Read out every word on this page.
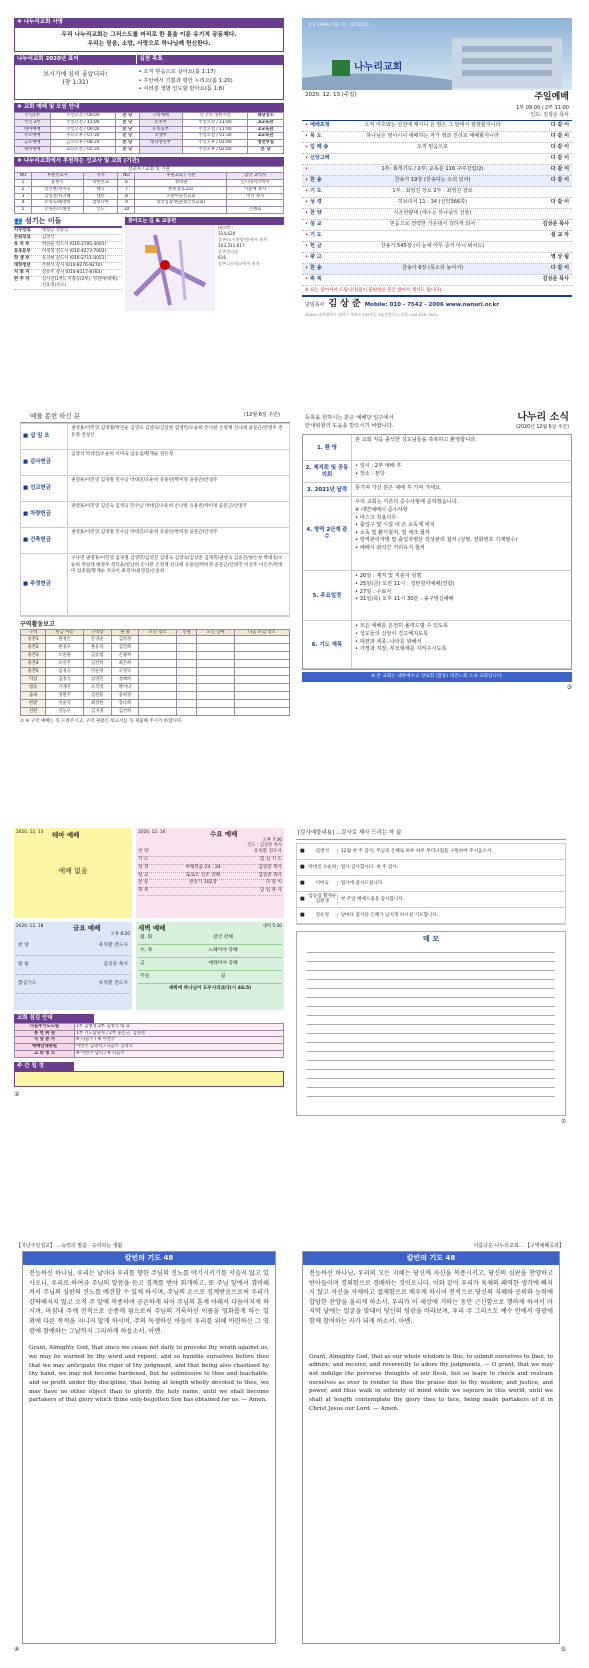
❖ 나누리교회 사명
우리 나누리교회는 그리스도를 머리로 한 몸을 이룬 유기적 공동체다.
우리는 믿음, 소망, 사랑으로 하나님께 헌신한다.
나누리교회 2020년 표어	실천 목표
보시기에 심히 좋았더라!
(창 1:31)
• 오직 믿음으로 살아요(롬 1:17)
• 주안에서 기쁨과 평안 누려요(롬 1:20)
• 여러분 생명 인도할 받아요(롬 1:8)
❖ 교회 예배 및 모임 안내
주일1부	주일오전 / 09:00	본 당	구역예배	각 구역 정한시간	해당장소
주일 2부	주일오전 / 11:00	본 당	유치부	주일오전 / 11:00	3교육관
대아예배	주일오전 / 09:00	본 당	유초등부	주일오전 / 11:00	2교육관
수요예배	수요오후 / 07:30	본 당	학생부	주일오전 / 01:30	2교육관
금요예배	금요오후 / 08:20	본 당	대학청년부	주일오후 / 01:00	청년부실
새벽예배	화요오전 / 05:30	본 당		주일오후 / 02:00	본 당
❖ 나누리교회에서 후원하는 선교사 및 교회 (기관)
선교사 / 교회 및 기관
NO	후원선교사	지역	NO	후원교회 / 기관	담당 교역자
1	윤한식	북한선교	6	홍대권	인터내셔코이아
2	장석현/정미숙	태국	7	한빛장로교회	이윤배 목사
3	김성진/차귀해	대만	8	모퉁이돌선교회	이석 목사
4	유성욱/최영희	캄보디아	9	성안심장재단(성인선교회)	
5	오목수/조혜정	인도	10		은혜회
👥 섬기는 이들
시무장로	명창근 정봉진
은퇴장로	김영석
유 치 부	박연순 전도사 (010-2795-3001)
유초등부	이재혁 전도사 (010-4273-7003)
학 생 부	유지현 전도사 (010-2711-0051)
대학청년	주현석 강사 (010-8276-8270)
지 휘 자	강유주 강사 (010-8117-8783)
반 주 자	김사진(1부), 이종숙(2부), 성설아(대예), 신효경(수요)
찾아오는 길 & 교통편
버스번 :
314,620
송촌(도서관방면)에서 하차
103,311,617
송촌정거장
616
송촌고등학교에서 하차
창립 1999년 5월 7일 · 제 1101호
나누리교회
2020. 12. 13 (주일)	주일예배
1부 09:00 / 2부 11:00
인도: 김상순 목사
• 예배초청	오직 여호와는 성전에 계시니 온 땅은 그 앞에서 잠잠할지니라	다 같 이
• 묵 도	하나님은 영이시니 예배하는 자가 영과 진리로 예배할지니라	다 같 이
• 입 례 송	오직 믿음으로	다 같 이
• 신앙고백	다 같 이
•	1부: 회개기도 / 2부: 교독문 116 구주강림(2)	다 같 이
• 찬 송	찬송가 19장 (찬송하는 소리 있어)	다 같 이
• 기 도	1부 : 최영진 장로 2부 : 최영진 장로
• 성 경	히브리서 11 : 34 (신약366쪽)	다 같 이
• 찬 양	시온한량대 (에수는 하나님의 선물)
• 설 교	믿음으로 연약한 가운데서 강하게 되어	김상준 목사
• 기 도	설 교 자
• 헌 금	찬송가 545장 (이 눈에 아무 증거 아니 뵈어도)
• 광 고	영 상 팀
• 찬 송	찬송가 6장 (목소리 높여서)	다 같 이
• 축 복	김상준 목사
※ 표는 일어서서 드립니다(몸이 불편하신 분은 앉아서 계셔도 됩니다).
담임목사 김 상 준 Mobile: 010 - 7542 - 2006 www.nanuri.or.kr
34442 대전광역시 대덕구 계족로 595번길 34(송촌동) / 전화: 042-626-7001
예물 봉헌 하신 분	(12월 6일 주간)
■ 십 일 조
권영휴/이민영 김경철/박연순 김영숙 김영숙/김일현 김영민/오순희 손낙관 손정재 신나래 윤문근/안영주 전유정 전청신
■ 감사헌금
김영석 박대진/오순희 이미숙 임승겸/황재순 전유정
■ 선교헌금
권영휴/이민영 김경철 민수남 박대진/오순희 유용빈/박미정 윤문근/안영주
■ 차량헌금
권영휴/이민영 김인숙 김영숙 민수남 박대진/오순희 손낙관 유용빈/박미정 윤문근/안영주
■ 건축헌금
권영휴/이민영 김경철 민수남 박대진/오순희 유용빈/박미정 윤문근/안영주
■ 주정헌금
구나영 권영휴/이민영 김경철 김영민/김영진 김영숙 김영숙/김상준 김재복/권영숙 김윤진/양은정 박대진/오순희 박일래 변정우 성덕윤/강남희 손낙관 손정재 신나래 유용빈/박미정 윤문근/안영주 이선주 이은주/박정미 임승겸/황재순 지숙이 최영자/최영진/손윤희
구역활동보고
구역	헌금 이름	구역장	권 찰	모인 장소	인원	모인 날짜	다음 모임 장소
송촌1	원정인	문영순	김희정				
송촌2	변정우	홍유라	김민희				
송촌3	오윤필	김승범	손광희				
송촌4	오선주	김선희	최은희				
송촌5	임경숙	민순영	오영숙				
덕암	김경식	김영민	정태희				
법동	기재선	오석영	박미녀				
읍내	정원주	김현용	송희정				
한밭	이윤덕	최상현	장나희				
신탄	강동우	김지경	김선희				
① ※ 구역 예배는 꼭 드려주시고, 구역 권찰은 보고서를 꼭 제출해 주시기 바랍니다.
등록을 원하시는 분은 예배당 입구에서
안내위원의 도움을 받으시기 바랍니다.
나누리 소식
(2020년 12월 6일 주간)
1. 환 영
본 교회 처음 출석한 성도님들을 축복하고 환영합니다.
2. 제직회 및 공동의회
• 일시 : 2부 예배 후
• 장소 : 본당
3. 2021년 달력	못가져 가신 분은 예배 후 가져 가세요.
4. 방역 2단계 준수
우리 교회는 기존의 준수사항에 준하겠습니다.
※ 대면예배시 준수사항
• 마스크 착용의무
• 출입구 및 시설 내 손 소독제 비치
• 소독 및 환기철저, 열 체크 철저
• 방역관리자명 및 출입자명단 작성관리 철저 (성명, 전화번호 기재필수)
• 예배시 좌석간 거리유지 철저
5. 주요일정
• 20일 : 제직 및 직분자 임명
• 25일(금) 오전 11시 : 성탄감사예배(연합)
• 27일 : 수료식
• 31일(목) 오후 11시 30분 : 송구영신예배
6. 기도 제목
• 모든 예배를 온전히 올려드릴 수 있도록
• 성도들의 신앙이 견고해지도록
• 대전과 세종, 나라를 위해서
• 가정과 직장, 부모형제를 지켜주시도록
※ 본 교회는 대한예수교 장로회 (합동) 대전노회 소속 교회입니다.
③
2020. 12. 13	테마 예배
예배 없음
2020. 12. 16	수요 예배
오후 7:30
인도 : 김상준 목사
찬 양	유치환 전도사
기 도	합 심 기 도
성 경	마태복음 24 : 24	김상준 목사
설 교	또로트 신조 강해	김상준 목사
찬 송	찬송가 102장	다 같 이
축 복	담 임 목 사
2020. 12. 18	금요 예배
오후 8:20
찬 양	유치환 전도사
말 씀	김상준 목사
합심기도	유치환 전도사
새벽 예배	새벽 5:30
월, 화	잠언 강해
수, 목	느헤미야 강해
금	예레미야 강해
주일	쉼
새벽에 하나님이 도우시리로다(시 46:5)
교회 섬김 안내
다음주기도드림	1부 김행정 2부 김영석 대 표
봉 헌 위 원	1부 기도담당자 / 2부 윤문근, 김경철
식 당 봉 사	※ 다음주 / ※ 이번주
예배안내위원	이번주 김영석 / 다음주 김영석
교 회 청 소	※ 이번주 남녀 / ※ 다음주
주 간 일 정
②
[감사예물내용] ...감사로 제사 드리는 자 삶
■	김영석	12월 첫 주 감사, 주님의 은혜로 하루 하루 무더나렴을 구원하여 주셔옵소서.
■ 박대진 오순희 범사 감사합니다. 첫 주 감사.
■	이미숙	범사에 감사드립니다.
■
임승겸 황재순 임원생
첫 주일 예배드림을 감사합니다.
■	전유정	날마다 감사의 은혜가 넘치게 하시길 기도합니다.
메 모
⑦
【지난주일설교】 ...능력의 말씀 · 승리하는 생활
칼빈의 기도 48
전능하신 하나님, 우리는 날마다 우리를 향한 주님의 진노를 야기시키기를 서슴지 않고 있사오니, 우리로 하여금 주님의 말씀을 듣고 경계를 받아 회개하고, 또 주님 앞에서 겸비해져서 주님의 심판의 진노를 예견할 수 있게 하시며, 주님의 손으로 징계받음으로써 우리가 강퍅해지지 않고 오직 주 앞에 복종하며 공손하게 되어 주님의 훈계 아래서 다듬어지게 하시며, 마침내 주께 전적으로 순종케 됨으로써 주님의 거룩하신 이름을 영화롭게 하는 일 외에 다른 목적을 지니지 말게 하시며, 주의 독생하신 아들이 우리를 위해 마련하신 그 영광에 참예하는 그날까지 그리하게 하옵소서. 아멘.
Grant, Almighty God, that since we cease not daily to provoke thy wrath against us, we may be warned by thy word and repent, and so humble ourselves before thee that we may anticipate the rigor of thy judgment, and that being also chastised by thy hand, we may not become hardened, but be submissive to thee and teachable, and so profit under thy discipline, that being at length wholly devoted to thee, we may have no other object than to glorify thy holy name, until we shall become partakers of that glory which thine only-begotten Son has obtained for us. — Amen.
④
아름다운 나누리교회... 【구역예배공과】
칼빈의 기도 48
전능하신 하나님, 우리의 모든 지혜는 당신께 자신을 복종시키고, 당신의 심판을 찬양하고 받아들이며 경외함으로 경배하는 것이오니다. 이와 같이 우리가 육체의 패역한 생각에 빠지지 않고 자신을 자제하고 절제함으로 배우게 하시어 전적으로 당신의 지혜와 공의와 능력에 합당한 찬양을 올리게 하소서. 우리가 이 세상에 거하는 동안 근신함으로 행하게 하셔서 마지막 날에는 얼굴을 맞대어 당신의 영광을 바라보며, 우리 주 그리스도 예수 안에서 영광에 함께 참여하는 자가 되게 하소서. 아멘.
Grant, Almighty God, that as our whole wisdom is this, to submit ourselves to thee, to admire, and receive, and reverently to adore thy judgments, — O grant, that we may not indulge the perverse thoughts of our flesh, but so learn to check and restrain ourselves as ever to render to thee the praise due to thy wisdom, and justice, and power, and thus walk in sobriety of mind while we sojourn in this world, until we shall at length contemplate thy glory thee to face, being made partakers of it in Christ Jesus our Lord. — Amen.
⑤
